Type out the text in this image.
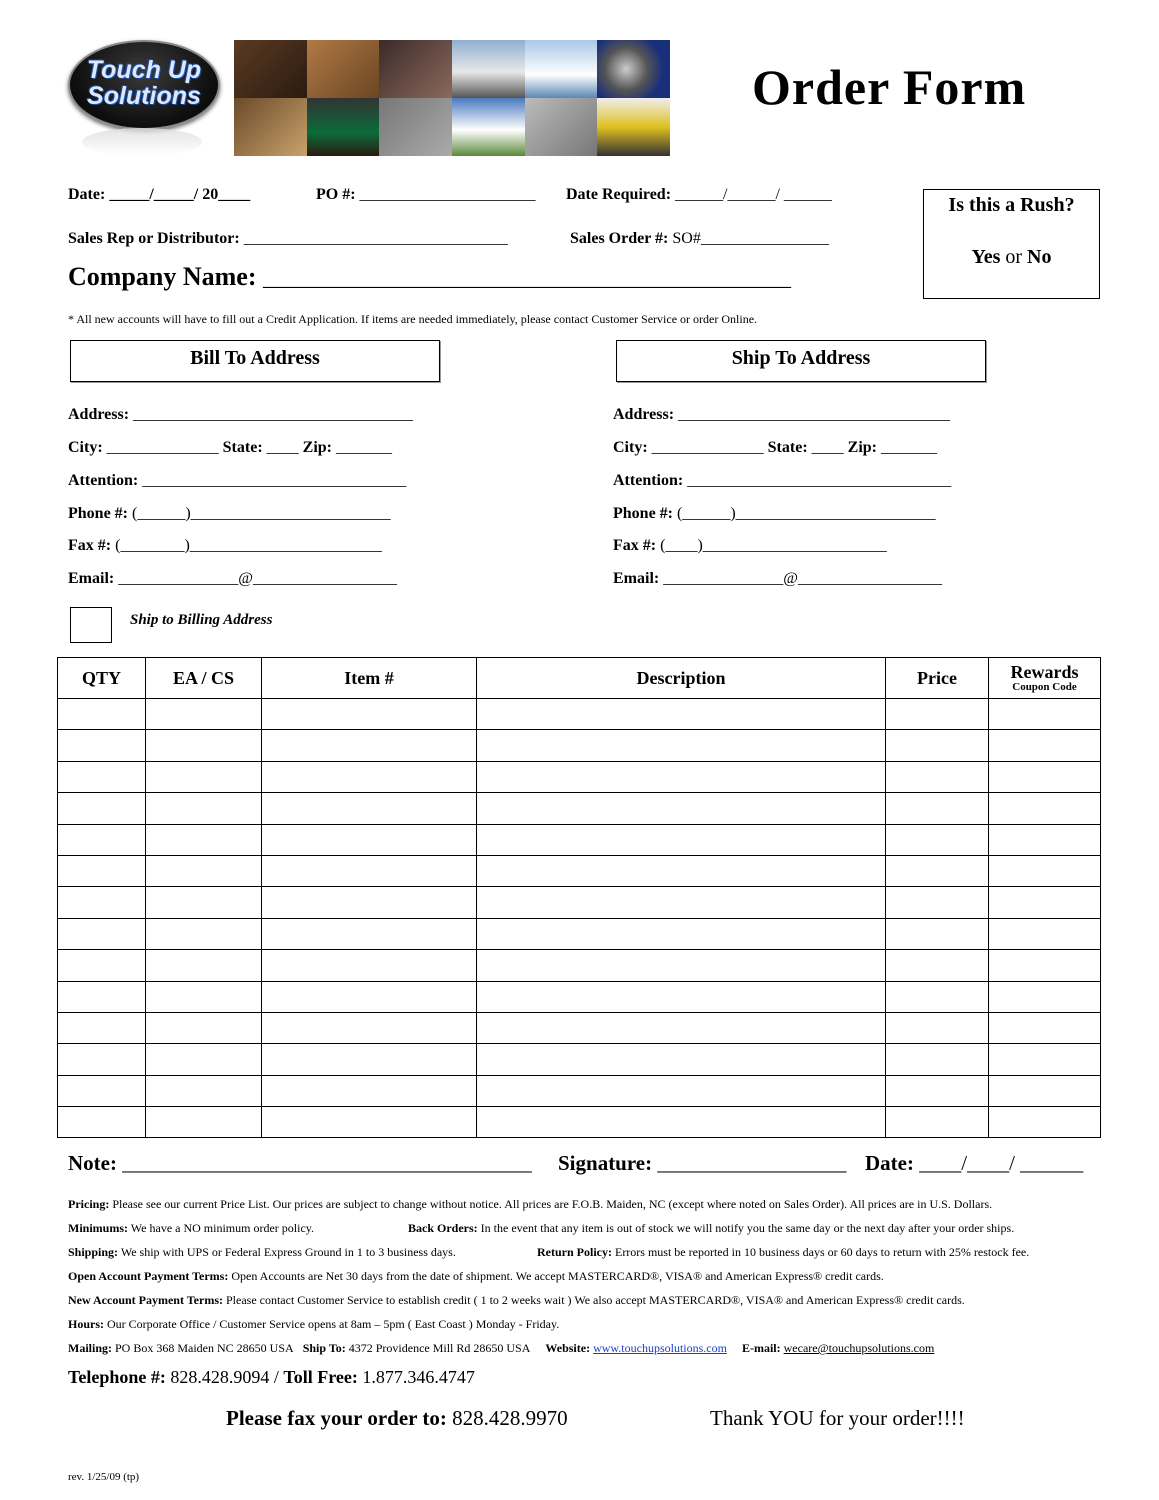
Touch Up
Solutions	Order Form
Date: _____/_____/ 20____	PO #: ______________________ Date Required: ______/______/ ______
Sales Rep or Distributor: _________________________________	Sales Order #: SO#________________
Is this a Rush?
Yes or No
Company Name: ________________________________________________
* All new accounts will have to fill out a Credit Application. If items are needed immediately, please contact Customer Service or order Online.
Bill To Address	Ship To Address
Address: ___________________________________
City: ______________ State: ____ Zip: _______
Attention: _________________________________
Phone #: (______)_________________________
Fax #: (________)________________________
Email: _______________@__________________
Address: __________________________________
City: ______________ State: ____ Zip: _______
Attention: _________________________________
Phone #: (______)_________________________
Fax #: (____)_______________________
Email: _______________@__________________
Ship to Billing Address
QTY	EA / CS	Item #	Description	Price	Rewards
Coupon Code

Note: _______________________________________ Signature: __________________ Date: ____/____/ ______
Pricing: Please see our current Price List. Our prices are subject to change without notice. All prices are F.O.B. Maiden, NC (except where noted on Sales Order). All prices are in U.S. Dollars.
Minimums: We have a NO minimum order policy.	Back Orders: In the event that any item is out of stock we will notify you the same day or the next day after your order ships.
Shipping: We ship with UPS or Federal Express Ground in 1 to 3 business days.	Return Policy: Errors must be reported in 10 business days or 60 days to return with 25% restock fee.
Open Account Payment Terms: Open Accounts are Net 30 days from the date of shipment. We accept MASTERCARD®, VISA® and American Express® credit cards.
New Account Payment Terms: Please contact Customer Service to establish credit ( 1 to 2 weeks wait ) We also accept MASTERCARD®, VISA® and American Express® credit cards.
Hours: Our Corporate Office / Customer Service opens at 8am – 5pm ( East Coast ) Monday - Friday.
Mailing: PO Box 368 Maiden NC 28650 USA Ship To: 4372 Providence Mill Rd 28650 USA Website: www.touchupsolutions.com E-mail: wecare@touchupsolutions.com
Telephone #: 828.428.9094 / Toll Free: 1.877.346.4747
Please fax your order to: 828.428.9970	Thank YOU for your order!!!!
rev. 1/25/09 (tp)
